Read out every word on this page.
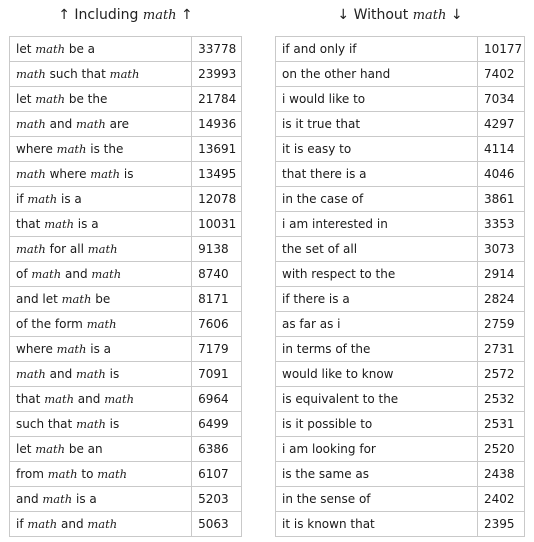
↑ Including math ↑
let math be a	33778
math such that math	23993
let math be the	21784
math and math are	14936
where math is the	13691
math where math is	13495
if math is a	12078
that math is a	10031
math for all math	9138
of math and math	8740
and let math be	8171
of the form math	7606
where math is a	7179
math and math is	7091
that math and math	6964
such that math is	6499
let math be an	6386
from math to math	6107
and math is a	5203
if math and math	5063
↓ Without math ↓
if and only if	10177
on the other hand	7402
i would like to	7034
is it true that	4297
it is easy to	4114
that there is a	4046
in the case of	3861
i am interested in	3353
the set of all	3073
with respect to the	2914
if there is a	2824
as far as i	2759
in terms of the	2731
would like to know	2572
is equivalent to the	2532
is it possible to	2531
i am looking for	2520
is the same as	2438
in the sense of	2402
it is known that	2395
